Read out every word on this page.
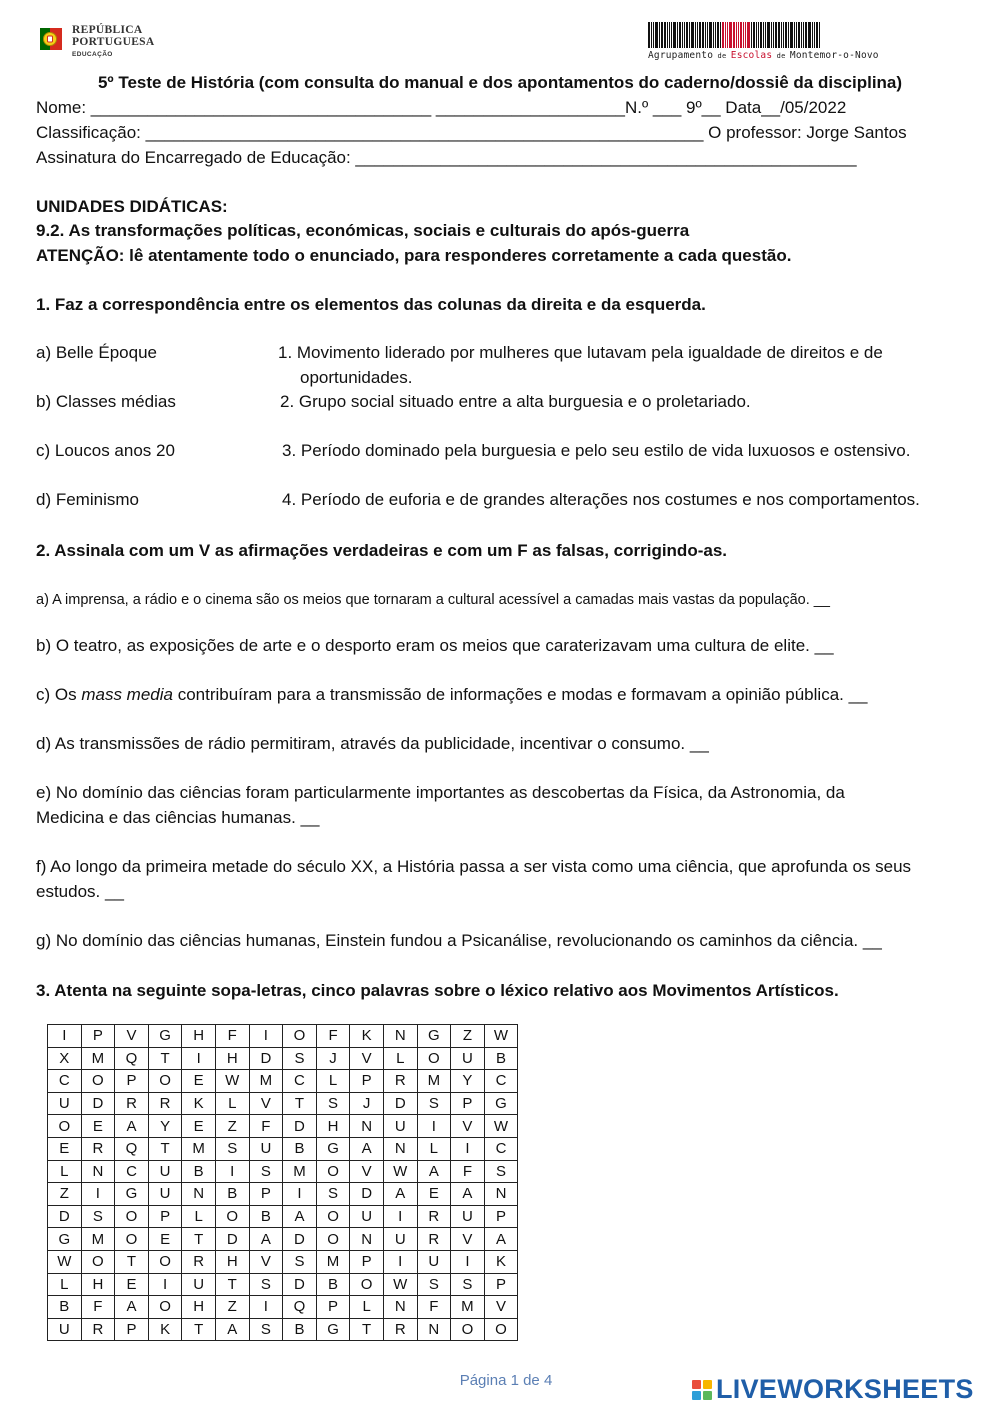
REPÚBLICA
PORTUGUESA
EDUCAÇÃO	Agrupamento de Escolas de Montemor-o-Novo
5º Teste de História (com consulta do manual e dos apontamentos do caderno/dossiê da disciplina)
Nome: ____________________________________ ____________________N.º ___ 9º__ Data__/05/2022
Classificação: ___________________________________________________________ O professor: Jorge Santos
Assinatura do Encarregado de Educação: _____________________________________________________
UNIDADES DIDÁTICAS:
9.2. As transformações políticas, económicas, sociais e culturais do após-guerra
ATENÇÃO: lê atentamente todo o enunciado, para responderes corretamente a cada questão.
1. Faz a correspondência entre os elementos das colunas da direita e da esquerda.
a) Belle Époque
b) Classes médias
c) Loucos anos 20
d) Feminismo
1. Movimento liderado por mulheres que lutavam pela igualdade de direitos e de
oportunidades.
2. Grupo social situado entre a alta burguesia e o proletariado.
3. Período dominado pela burguesia e pelo seu estilo de vida luxuosos e ostensivo.
4. Período de euforia e de grandes alterações nos costumes e nos comportamentos.
2. Assinala com um V as afirmações verdadeiras e com um F as falsas, corrigindo-as.
a) A imprensa, a rádio e o cinema são os meios que tornaram a cultural acessível a camadas mais vastas da população. __
b) O teatro, as exposições de arte e o desporto eram os meios que caraterizavam uma cultura de elite. __
c) Os mass media contribuíram para a transmissão de informações e modas e formavam a opinião pública. __
d) As transmissões de rádio permitiram, através da publicidade, incentivar o consumo. __
e) No domínio das ciências foram particularmente importantes as descobertas da Física, da Astronomia, da
Medicina e das ciências humanas. __
f) Ao longo da primeira metade do século XX, a História passa a ser vista como uma ciência, que aprofunda os seus
estudos. __
g) No domínio das ciências humanas, Einstein fundou a Psicanálise, revolucionando os caminhos da ciência. __
3. Atenta na seguinte sopa-letras, cinco palavras sobre o léxico relativo aos Movimentos Artísticos.
I	P	V	G	H	F	I	O	F	K	N	G	Z	W
X	M	Q	T	I	H	D	S	J	V	L	O	U	B
C	O	P	O	E	W	M	C	L	P	R	M	Y	C
U	D	R	R	K	L	V	T	S	J	D	S	P	G
O	E	A	Y	E	Z	F	D	H	N	U	I	V	W
E	R	Q	T	M	S	U	B	G	A	N	L	I	C
L	N	C	U	B	I	S	M	O	V	W	A	F	S
Z	I	G	U	N	B	P	I	S	D	A	E	A	N
D	S	O	P	L	O	B	A	O	U	I	R	U	P
G	M	O	E	T	D	A	D	O	N	U	R	V	A
W	O	T	O	R	H	V	S	M	P	I	U	I	K
L	H	E	I	U	T	S	D	B	O	W	S	S	P
B	F	A	O	H	Z	I	Q	P	L	N	F	M	V
U	R	P	K	T	A	S	B	G	T	R	N	O	O
Página 1 de 4	LIVEWORKSHEETS
